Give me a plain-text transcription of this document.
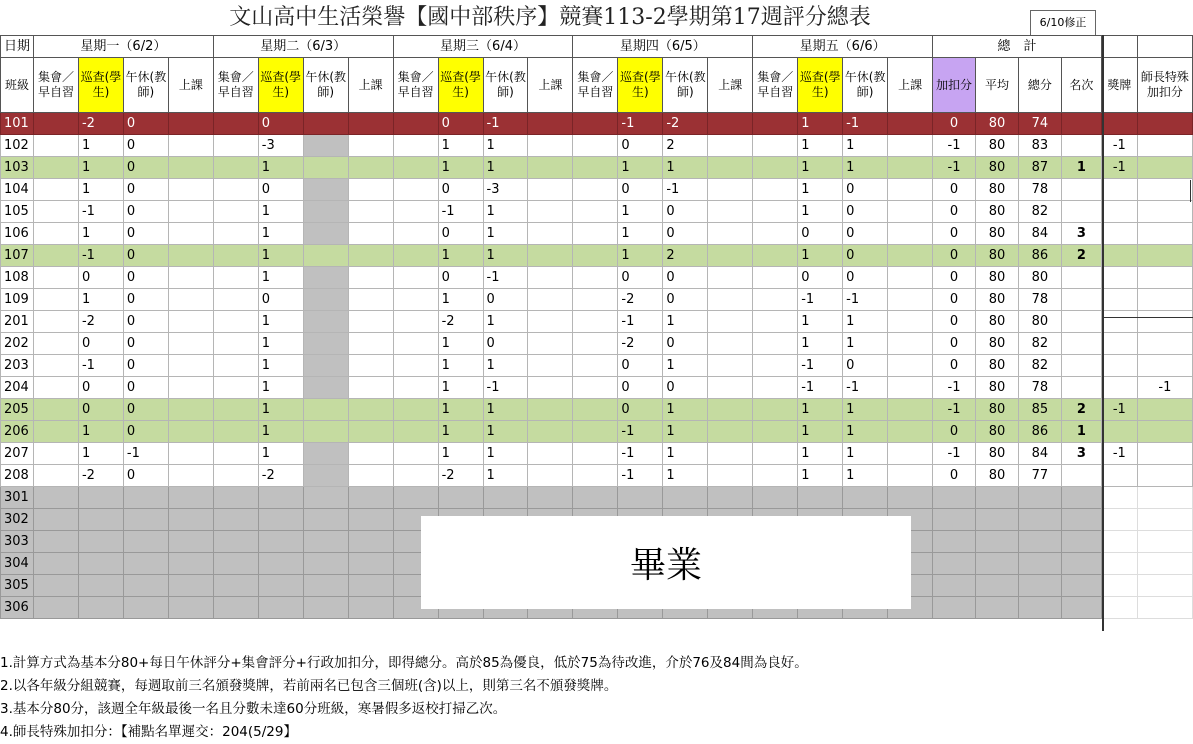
文山高中生活榮譽【國中部秩序】競賽113-2學期第17週評分總表	6/10修正
日期	星期一（6/2）				星期二（6/3）				星期三（6/4）				星期四（6/5）				星期五（6/6）				總　計					
班級	集會／早自習	巡查(學生)	午休(教師)	上課	集會／早自習	巡查(學生)	午休(教師)	上課	集會／早自習	巡查(學生)	午休(教師)	上課	集會／早自習	巡查(學生)	午休(教師)	上課	集會／早自習	巡查(學生)	午休(教師)	上課	加扣分	平均	總分	名次	獎牌	師長特殊加扣分
101		-2	0			0				0	-1			-1	-2			1	-1		0	80	74			
102		1	0			-3				1	1			0	2			1	1		-1	80	83		-1	
103		1	0			1				1	1			1	1			1	1		-1	80	87	1	-1	
104		1	0			0				0	-3			0	-1			1	0		0	80	78			
105		-1	0			1				-1	1			1	0			1	0		0	80	82			
106		1	0			1				0	1			1	0			0	0		0	80	84	3		
107		-1	0			1				1	1			1	2			1	0		0	80	86	2		
108		0	0			1				0	-1			0	0			0	0		0	80	80			
109		1	0			0				1	0			-2	0			-1	-1		0	80	78			
201		-2	0			1				-2	1			-1	1			1	1		0	80	80			
202		0	0			1				1	0			-2	0			1	1		0	80	82			
203		-1	0			1				1	1			0	1			-1	0		0	80	82			
204		0	0			1				1	-1			0	0			-1	-1		-1	80	78			-1
205		0	0			1				1	1			0	1			1	1		-1	80	85	2	-1	
206		1	0			1				1	1			-1	1			1	1		0	80	86	1		
207		1	-1			1				1	1			-1	1			1	1		-1	80	84	3	-1	
208		-2	0			-2				-2	1			-1	1			1	1		0	80	77			
301																										
302																										
303																										
304																										
305																										
306																										
畢業
1.計算方式為基本分80+每日午休評分+集會評分+行政加扣分，即得總分。高於85為優良，低於75為待改進，介於76及84間為良好。
2.以各年級分組競賽，每週取前三名頒發獎牌，若前兩名已包含三個班(含)以上，則第三名不頒發獎牌。
3.基本分80分，該週全年級最後一名且分數未達60分班級，寒暑假多返校打掃乙次。
4.師長特殊加扣分：【補點名單遲交：204(5/29】
